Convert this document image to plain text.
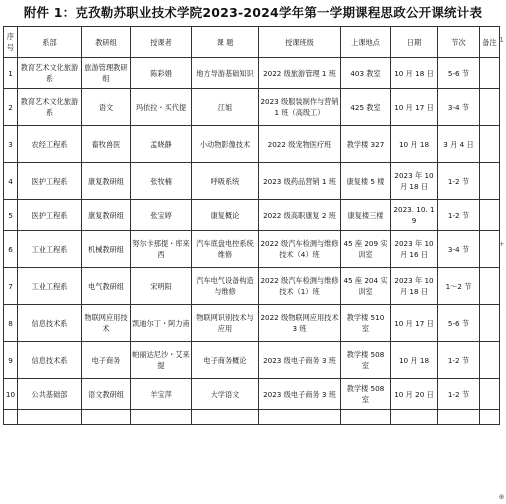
附件 1：克孜勒苏职业技术学院2023-2024学年第一学期课程思政公开课统计表
序号	系部	教研组	授课者	课 题	授课班级	上课地点	日期	节次	备注
1	教育艺术文化旅游系	旅游管理教研组	陈彩娟	地方导游基础知识	2022 级旅游管理 1 班	403 教室	10 月 18 日	5-6 节	
2	教育艺术文化旅游系	语文	玛依拉・买代提	江姐	2023 级服装制作与营销 1 班（高级工）	425 教室	10 月 17 日	3-4 节	
3	农经工程系	畜牧兽医	孟晓静	小动物影像技术	2022 级宠物医疗班	教学楼 327	10 月 18	3 月 4 日	
4	医护工程系	康复教研组	张牧楠	呼吸系统	2023 级药品营销 1 班	康复楼 5 楼	2023 年 10 月 18 日	1-2 节	
5	医护工程系	康复教研组	张宝婷	康复概论	2022 级高职康复 2 班	康复楼三楼	2023. 10. 19	1-2 节	
6	工业工程系	机械教研组	努尔卡那提・库来西	汽车底盘电控系统维修	2022 级汽车检测与维修技术（4）班	45 座 209 实训室	2023 年 10 月 16 日	3-4 节	
7	工业工程系	电气教研组	宋明阳	汽车电气设备构造与维修	2022 级汽车检测与维修技术（1）班	45 座 204 实训室	2023 年 10 月 18 日	1～2 节	
8	信息技术系	物联网应用技术	凯迪尔丁・阿力甫	物联网识别技术与应用	2022 级物联网应用技术 3 班	教学楼 510 室	10 月 17 日	5-6 节	
9	信息技术系	电子商务	帕丽达尼沙・艾来提	电子商务概论	2023 级电子商务 3 班	教学楼 508 室	10 月 18	1-2 节	
10	公共基础部	语文教研组	羊宝萍	大学语文	2023 级电子商务 3 班	教学楼 508 室	10 月 20 日	1-2 节	

1
+
⊕
